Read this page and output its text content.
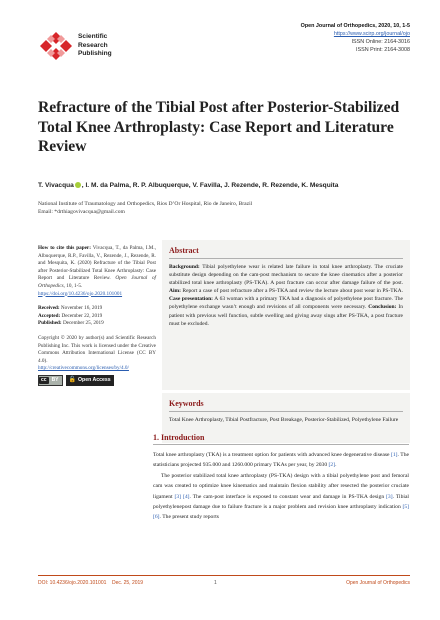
Scientific
Research
Publishing
Open Journal of Orthopedics, 2020, 10, 1-5
https://www.scirp.org/journal/ojo
ISSN Online: 2164-3016
ISSN Print: 2164-3008
Refracture of the Tibial Post after Posterior-Stabilized Total Knee Arthroplasty: Case Report and Literature Review
T. Vivacqua , I. M. da Palma, R. P. Albuquerque, V. Favilla, J. Rezende, R. Rezende, K. Mesquita
National Institute of Traumatology and Orthopedics, Rios D’Or Hospital, Rio de Janeiro, Brazil
Email: *drthiagovivacqua@gmail.com
How to cite this paper: Vivacqua, T., da Palma, I.M., Albuquerque, R.P., Favilla, V., Rezende, J., Rezende, R. and Mesquita, K. (2020) Refracture of the Tibial Post after Posterior-Stabilized Total Knee Arthroplasty: Case Report and Literature Review. Open Journal of Orthopedics, 10, 1-5.
https://doi.org/10.4236/ojo.2020.101001
Received: November 16, 2019
Accepted: December 22, 2019
Published: December 25, 2019
Copyright © 2020 by author(s) and Scientific Research Publishing Inc. This work is licensed under the Creative Commons Attribution International License (CC BY 4.0).
http://creativecommons.org/licenses/by/4.0/
cc	BY	🔓 Open Access
Abstract
Background: Tibial polyethylene wear is related late failure in total knee arthroplasty. The cruciate substitute design depending on the cam-post mechanism to secure the knee cinematics after a posterior stabilized total knee arthroplasty (PS-TKA). A post fracture can occur after damage failure of the post. Aim: Report a case of post refracture after a PS-TKA and review the lecture about post wear in PS-TKA. Case presentation: A 63 woman with a primary TKA had a diagnosis of polyethylene post fracture. The polyethylene exchange wasn’t enough and revisions of all components were necessary. Conclusion: In patient with previous well function, subtle swelling and giving away sings after PS-TKA, a post fracture must be excluded.
Keywords
Total Knee Arthroplasty, Tibial Postfracture, Post Breakage, Posterior-Stabilized, Polyethylene Failure
1. Introduction

Total knee arthroplasty (TKA) is a treatment option for patients with advanced knee degenerative disease [1]. The statisticians projected 935.000 and 1260.000 primary TKAs per year, by 2030 [2].

The posterior stabilized total knee arthroplasty (PS-TKA) design with a tibial polyethylene post and femoral cam was created to optimize knee kinematics and maintain flexion stability after resected the posterior cruciate ligament [3] [4]. The cam-post interface is exposed to constant wear and damage in PS-TKA design [3]. Tibial polyethylenepost damage due to failure fracture is a major problem and revision knee arthroplasty indication [5] [6]. The present study reports

DOI: 10.4236/ojo.2020.101001 Dec. 25, 2019	1	Open Journal of Orthopedics
